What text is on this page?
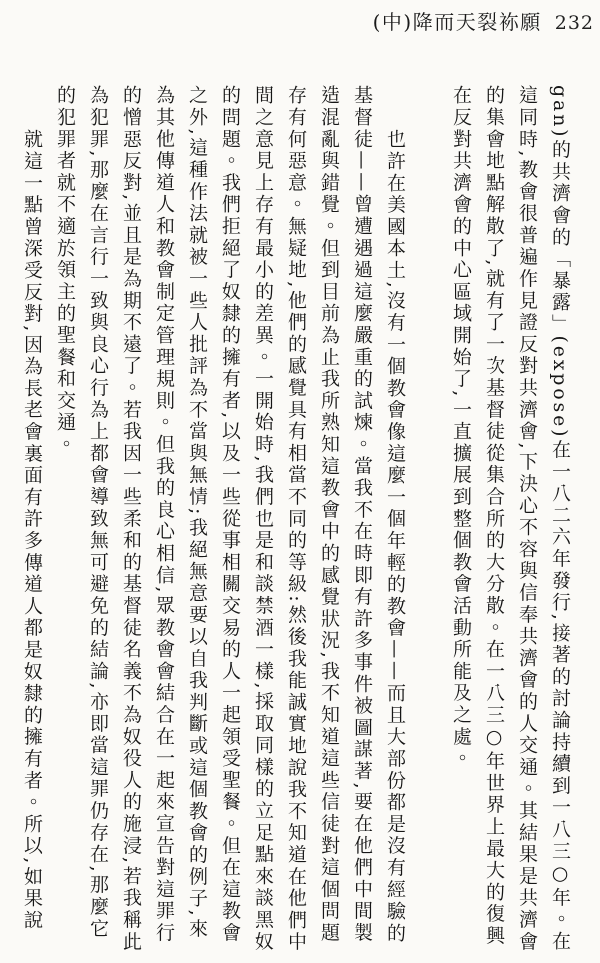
(中)降而天裂袮願 232

gan)的共濟會的「暴露」(expose)在一八二六年發行,接著的討論持續到一八三○年。在這同時,教會很普遍作見證反對共濟會,下決心不容與信奉共濟會的人交通。其結果是共濟會的集會地點解散了,就有了一次基督徒從集合所的大分散。在一八三○年世界上最大的復興在反對共濟會的中心區域開始了,一直擴展到整個教會活動所能及之處。

也許在美國本土,沒有一個教會像這麼一個年輕的教會——而且大部份都是沒有經驗的基督徒——曾遭遇過這麼嚴重的試煉。當我不在時即有許多事件被圖謀著,要在他們中間製造混亂與錯覺。但到目前為止我所熟知這教會中的感覺狀況,我不知道這些信徒對這個問題存有何惡意。無疑地,他們的感覺具有相當不同的等級:然後我能誠實地說我不知道在他們中間之意見上存有最小的差異。一開始時,我們也是和談禁酒一樣,採取同樣的立足點來談黑奴的問題。我們拒絕了奴隸的擁有者,以及一些從事相關交易的人一起領受聖餐。但在這教會之外,這種作法就被一些人批評為不當與無情;我絕無意要以自我判斷或這個教會的例子,來為其他傳道人和教會制定管理規則。但我的良心相信,眾教會會結合在一起來宣告對這罪行的憎惡反對,並且是為期不遠了。若我因一些柔和的基督徒名義不為奴役人的施浸,若我稱此為犯罪,那麼在言行一致與良心行為上都會導致無可避免的結論,亦即當這罪仍存在,那麼它的犯罪者就不適於領主的聖餐和交通。

就這一點曾深受反對,因為長老會裏面有許多傳道人都是奴隸的擁有者。所以,如果說
